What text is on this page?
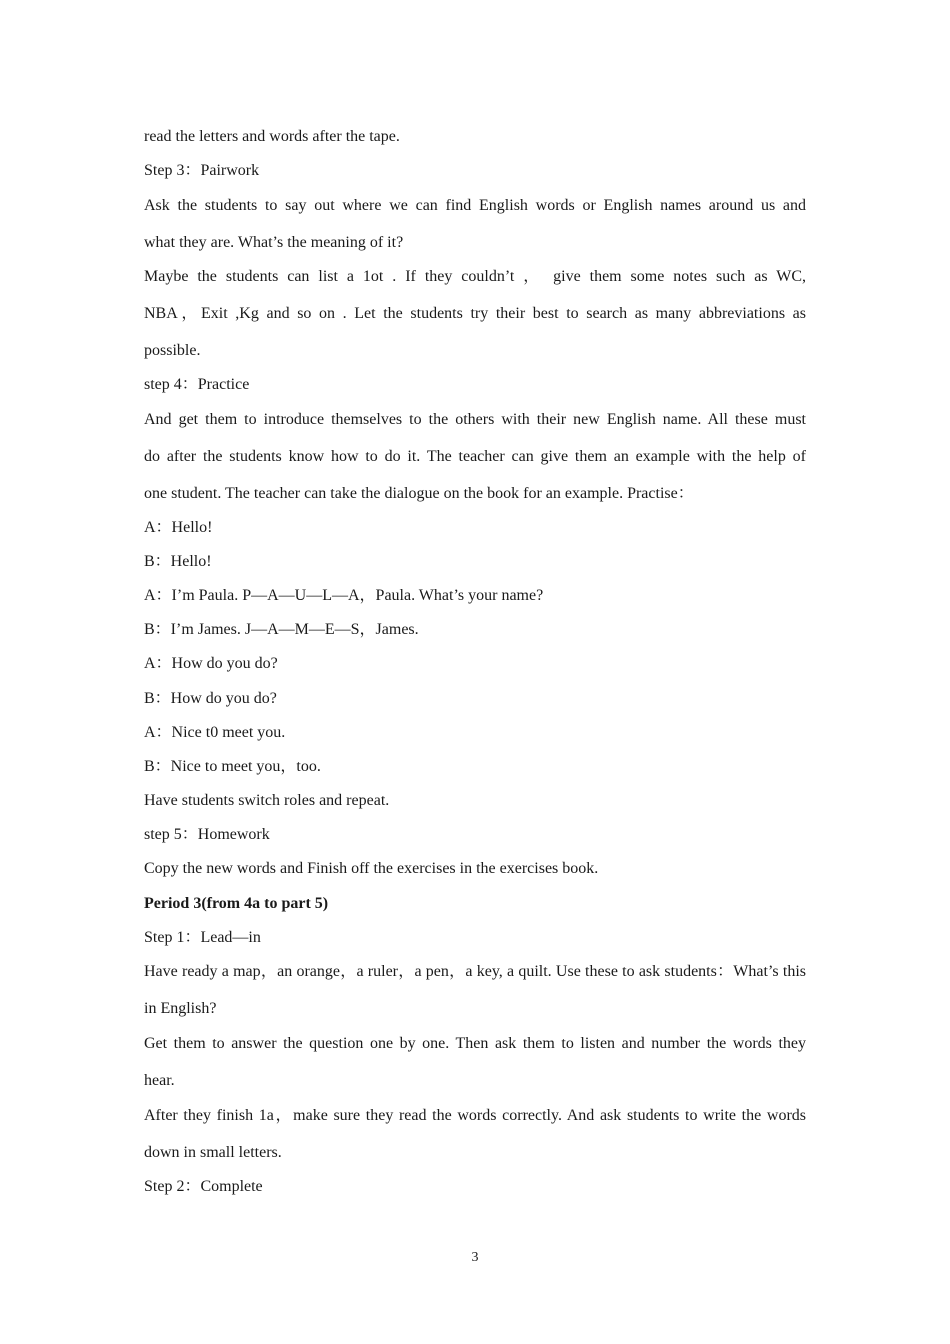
read the letters and words after the tape.
Step 3：Pairwork
Ask the students to say out where we can find English words or English names around us and
what they are. What’s the meaning of it?
Maybe the students can list a 1ot . If they couldn’t ， give them some notes such as WC,
NBA，Exit ,Kg and so on . Let the students try their best to search as many abbreviations as
possible.
step 4：Practice
And get them to introduce themselves to the others with their new English name. All these must
do after the students know how to do it. The teacher can give them an example with the help of
one student. The teacher can take the dialogue on the book for an example. Practise：
A：Hello!
B：Hello!
A：I’m Paula. P—A—U—L—A，Paula. What’s your name?
B：I’m James. J—A—M—E—S，James.
A：How do you do?
B：How do you do?
A：Nice t0 meet you.
B：Nice to meet you，too.
Have students switch roles and repeat.
step 5：Homework
Copy the new words and Finish off the exercises in the exercises book.
Period 3(from 4a to part 5)
Step 1：Lead—in
Have ready a map，an orange，a ruler，a pen，a key, a quilt. Use these to ask students：What’s this
in English?
Get them to answer the question one by one. Then ask them to listen and number the words they
hear.
After they finish 1a，make sure they read the words correctly. And ask students to write the words
down in small letters.
Step 2：Complete
3
